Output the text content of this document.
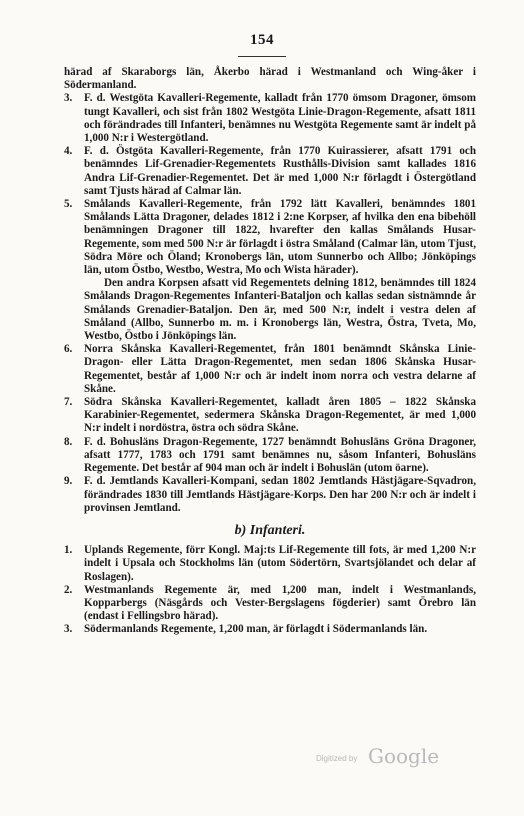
154

härad af Skaraborgs län, Åkerbo härad i Westmanland och Wing-åker i Södermanland.

3. F. d. Westgöta Kavalleri-Regemente, kalladt från 1770 ömsom Dragoner, ömsom tungt Kavalleri, och sist från 1802 Westgöta Linie-Dragon-Regemente, afsatt 1811 och förändrades till Infanteri, benämnes nu Westgöta Regemente samt är indelt på 1,000 N:r i Westergötland.

4. F. d. Östgöta Kavalleri-Regemente, från 1770 Kuirassierer, afsatt 1791 och benämndes Lif-Grenadier-Regementets Rusthålls-Division samt kallades 1816 Andra Lif-Grenadier-Regementet. Det är med 1,000 N:r förlagdt i Östergötland samt Tjusts härad af Calmar län.

5. Smålands Kavalleri-Regemente, från 1792 lätt Kavalleri, benämndes 1801 Smålands Lätta Dragoner, delades 1812 i 2:ne Korpser, af hvilka den ena bibehöll benämningen Dragoner till 1822, hvarefter den kallas Smålands Husar-Regemente, som med 500 N:r är förlagdt i östra Småland (Calmar län, utom Tjust, Södra Möre och Öland; Kronobergs län, utom Sunnerbo och Allbo; Jönköpings län, utom Östbo, Westbo, Westra, Mo och Wista härader).

Den andra Korpsen afsatt vid Regementets delning 1812, benämndes till 1824 Smålands Dragon-Regementes Infanteri-Bataljon och kallas sedan sistnämnde år Smålands Grenadier-Bataljon. Den är, med 500 N:r, indelt i vestra delen af Småland (Allbo, Sunnerbo m. m. i Kronobergs län, Westra, Östra, Tveta, Mo, Westbo, Östbo i Jönköpings län.

6. Norra Skånska Kavalleri-Regementet, från 1801 benämndt Skånska Linie-Dragon- eller Lätta Dragon-Regementet, men sedan 1806 Skånska Husar-Regementet, består af 1,000 N:r och är indelt inom norra och vestra delarne af Skåne.

7. Södra Skånska Kavalleri-Regementet, kalladt åren 1805 – 1822 Skånska Karabinier-Regementet, sedermera Skånska Dragon-Regementet, är med 1,000 N:r indelt i nordöstra, östra och södra Skåne.

8. F. d. Bohusläns Dragon-Regemente, 1727 benämndt Bohusläns Gröna Dragoner, afsatt 1777, 1783 och 1791 samt benämnes nu, såsom Infanteri, Bohusläns Regemente. Det består af 904 man och är indelt i Bohuslän (utom öarne).

9. F. d. Jemtlands Kavalleri-Kompani, sedan 1802 Jemtlands Hästjägare-Sqvadron, förändrades 1830 till Jemtlands Hästjägare-Korps. Den har 200 N:r och är indelt i provinsen Jemtland.

b) Infanteri.

1. Uplands Regemente, förr Kongl. Maj:ts Lif-Regemente till fots, är med 1,200 N:r indelt i Upsala och Stockholms län (utom Södertörn, Svartsjölandet och delar af Roslagen).

2. Westmanlands Regemente är, med 1,200 man, indelt i Westmanlands, Kopparbergs (Näsgårds och Vester-Bergslagens fögderier) samt Örebro län (endast i Fellingsbro härad).

3. Södermanlands Regemente, 1,200 man, är förlagdt i Södermanlands län.

Digitized by Google
